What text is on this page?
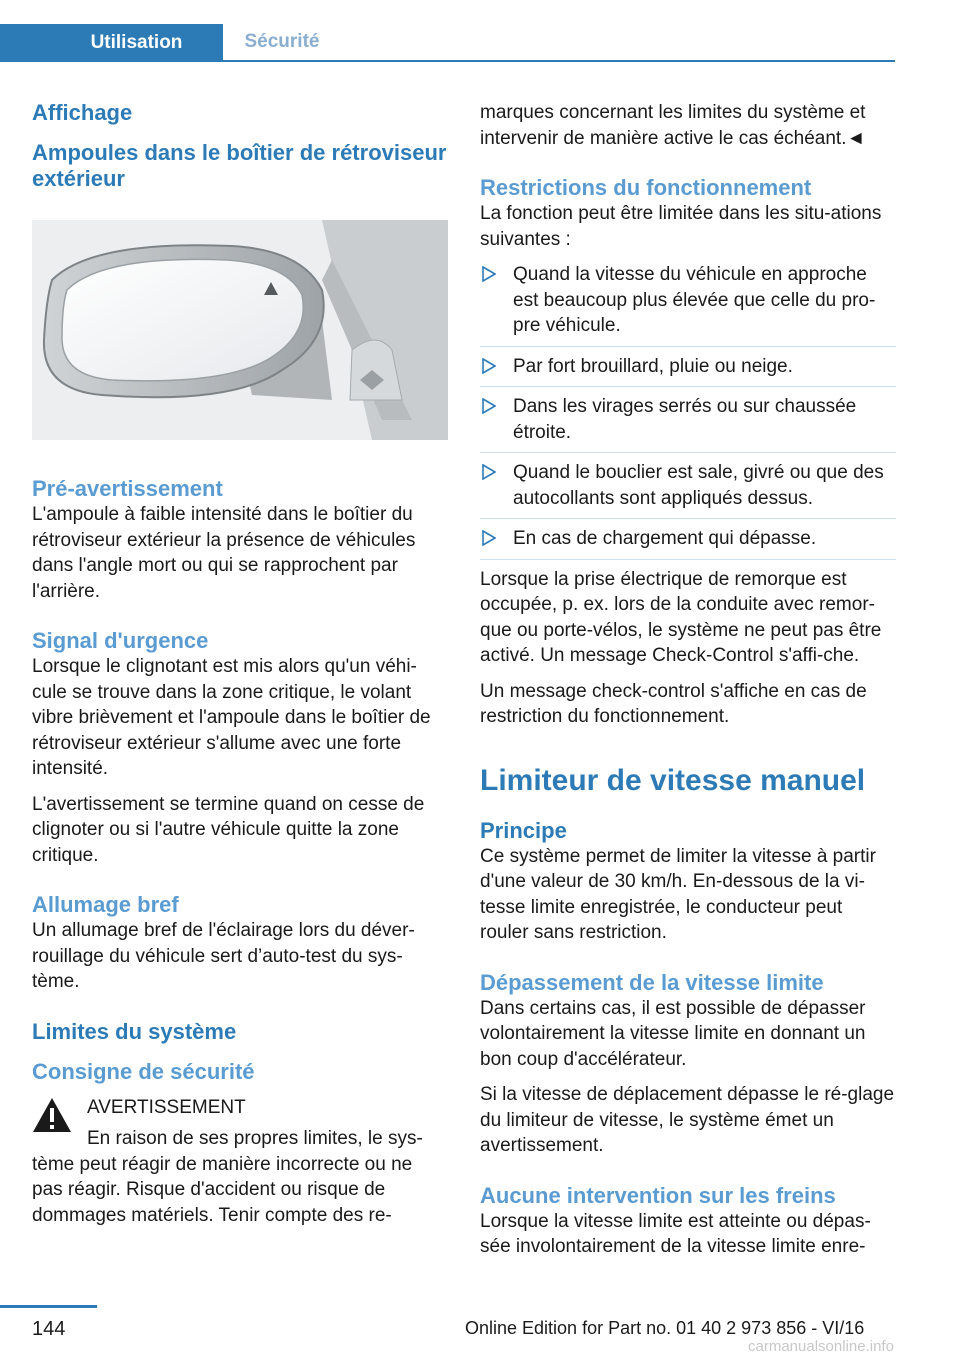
Utilisation	Sécurité
Affichage
Ampoules dans le boîtier de rétroviseur extérieur
Pré-avertissement

L'ampoule à faible intensité dans le boîtier du rétroviseur extérieur la présence de véhicules dans l'angle mort ou qui se rapprochent par l'arrière.

Signal d'urgence

Lorsque le clignotant est mis alors qu'un véhi-cule se trouve dans la zone critique, le volant vibre brièvement et l'ampoule dans le boîtier de rétroviseur extérieur s'allume avec une forte intensité.

L'avertissement se termine quand on cesse de clignoter ou si l'autre véhicule quitte la zone critique.

Allumage bref

Un allumage bref de l'éclairage lors du déver-rouillage du véhicule sert d’auto-test du sys-tème.

Limites du système
Consigne de sécurité
AVERTISSEMENT

En raison de ses propres limites, le sys-tème peut réagir de manière incorrecte ou ne pas réagir. Risque d'accident ou risque de dommages matériels. Tenir compte des re-

marques concernant les limites du système et intervenir de manière active le cas échéant.◄

Restrictions du fonctionnement

La fonction peut être limitée dans les situ-ations suivantes :

Quand la vitesse du véhicule en approche est beaucoup plus élevée que celle du pro-pre véhicule.
Par fort brouillard, pluie ou neige.
Dans les virages serrés ou sur chaussée étroite.
Quand le bouclier est sale, givré ou que des autocollants sont appliqués dessus.
En cas de chargement qui dépasse.

Lorsque la prise électrique de remorque est occupée, p. ex. lors de la conduite avec remor-que ou porte-vélos, le système ne peut pas être activé. Un message Check-Control s'affi-che.

Un message check-control s'affiche en cas de restriction du fonctionnement.

Limiteur de vitesse manuel
Principe

Ce système permet de limiter la vitesse à partir d'une valeur de 30 km/h. En-dessous de la vi-tesse limite enregistrée, le conducteur peut rouler sans restriction.

Dépassement de la vitesse limite

Dans certains cas, il est possible de dépasser volontairement la vitesse limite en donnant un bon coup d'accélérateur.

Si la vitesse de déplacement dépasse le ré-glage du limiteur de vitesse, le système émet un avertissement.

Aucune intervention sur les freins

Lorsque la vitesse limite est atteinte ou dépas-sée involontairement de la vitesse limite enre-

144	Online Edition for Part no. 01 40 2 973 856 - VI/16
carmanualsonline.info
